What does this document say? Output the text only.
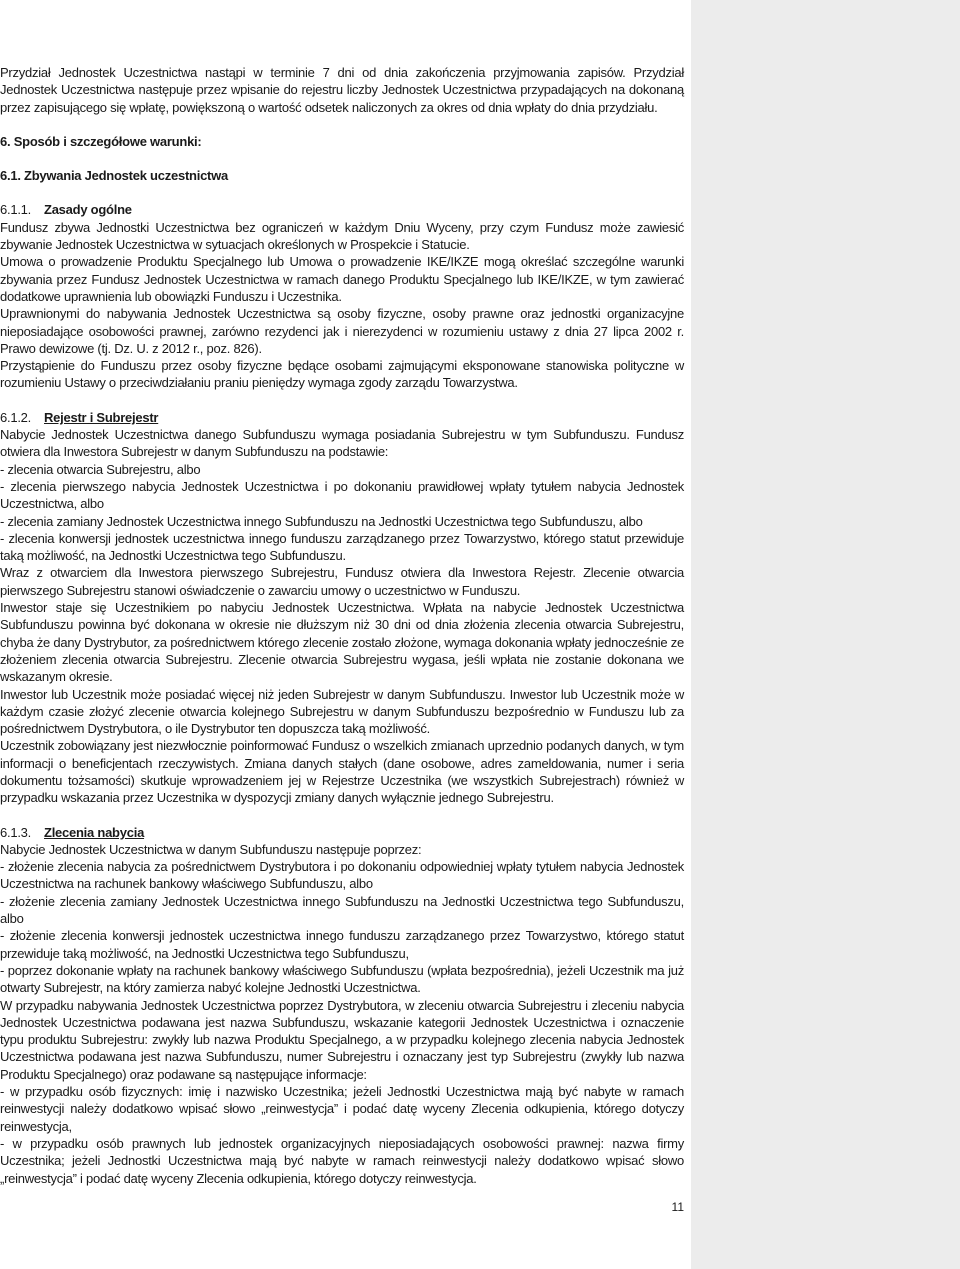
Przydział Jednostek Uczestnictwa nastąpi w terminie 7 dni od dnia zakończenia przyjmowania zapisów. Przydział Jednostek Uczestnictwa następuje przez wpisanie do rejestru liczby Jednostek Uczestnictwa przypadających na dokonaną przez zapisującego się wpłatę, powiększoną o wartość odsetek naliczonych za okres od dnia wpłaty do dnia przydziału.

6. Sposób i szczegółowe warunki:

6.1. Zbywania Jednostek uczestnictwa

6.1.1. Zasady ogólne

Fundusz zbywa Jednostki Uczestnictwa bez ograniczeń w każdym Dniu Wyceny, przy czym Fundusz może zawiesić zbywanie Jednostek Uczestnictwa w sytuacjach określonych w Prospekcie i Statucie.

Umowa o prowadzenie Produktu Specjalnego lub Umowa o prowadzenie IKE/IKZE mogą określać szczególne warunki zbywania przez Fundusz Jednostek Uczestnictwa w ramach danego Produktu Specjalnego lub IKE/IKZE, w tym zawierać dodatkowe uprawnienia lub obowiązki Funduszu i Uczestnika.

Uprawnionymi do nabywania Jednostek Uczestnictwa są osoby fizyczne, osoby prawne oraz jednostki organizacyjne nieposiadające osobowości prawnej, zarówno rezydenci jak i nierezydenci w rozumieniu ustawy z dnia 27 lipca 2002 r. Prawo dewizowe (tj. Dz. U. z 2012 r., poz. 826).

Przystąpienie do Funduszu przez osoby fizyczne będące osobami zajmującymi eksponowane stanowiska polityczne w rozumieniu Ustawy o przeciwdziałaniu praniu pieniędzy wymaga zgody zarządu Towarzystwa.

6.1.2. Rejestr i Subrejestr

Nabycie Jednostek Uczestnictwa danego Subfunduszu wymaga posiadania Subrejestru w tym Subfunduszu. Fundusz otwiera dla Inwestora Subrejestr w danym Subfunduszu na podstawie:

- zlecenia otwarcia Subrejestru, albo

- zlecenia pierwszego nabycia Jednostek Uczestnictwa i po dokonaniu prawidłowej wpłaty tytułem nabycia Jednostek Uczestnictwa, albo

- zlecenia zamiany Jednostek Uczestnictwa innego Subfunduszu na Jednostki Uczestnictwa tego Subfunduszu, albo

- zlecenia konwersji jednostek uczestnictwa innego funduszu zarządzanego przez Towarzystwo, którego statut przewiduje taką możliwość, na Jednostki Uczestnictwa tego Subfunduszu.

Wraz z otwarciem dla Inwestora pierwszego Subrejestru, Fundusz otwiera dla Inwestora Rejestr. Zlecenie otwarcia pierwszego Subrejestru stanowi oświadczenie o zawarciu umowy o uczestnictwo w Funduszu.

Inwestor staje się Uczestnikiem po nabyciu Jednostek Uczestnictwa. Wpłata na nabycie Jednostek Uczestnictwa Subfunduszu powinna być dokonana w okresie nie dłuższym niż 30 dni od dnia złożenia zlecenia otwarcia Subrejestru, chyba że dany Dystrybutor, za pośrednictwem którego zlecenie zostało złożone, wymaga dokonania wpłaty jednocześnie ze złożeniem zlecenia otwarcia Subrejestru. Zlecenie otwarcia Subrejestru wygasa, jeśli wpłata nie zostanie dokonana we wskazanym okresie.

Inwestor lub Uczestnik może posiadać więcej niż jeden Subrejestr w danym Subfunduszu. Inwestor lub Uczestnik może w każdym czasie złożyć zlecenie otwarcia kolejnego Subrejestru w danym Subfunduszu bezpośrednio w Funduszu lub za pośrednictwem Dystrybutora, o ile Dystrybutor ten dopuszcza taką możliwość.

Uczestnik zobowiązany jest niezwłocznie poinformować Fundusz o wszelkich zmianach uprzednio podanych danych, w tym informacji o beneficjentach rzeczywistych. Zmiana danych stałych (dane osobowe, adres zameldowania, numer i seria dokumentu tożsamości) skutkuje wprowadzeniem jej w Rejestrze Uczestnika (we wszystkich Subrejestrach) również w przypadku wskazania przez Uczestnika w dyspozycji zmiany danych wyłącznie jednego Subrejestru.

6.1.3. Zlecenia nabycia

Nabycie Jednostek Uczestnictwa w danym Subfunduszu następuje poprzez:

- złożenie zlecenia nabycia za pośrednictwem Dystrybutora i po dokonaniu odpowiedniej wpłaty tytułem nabycia Jednostek Uczestnictwa na rachunek bankowy właściwego Subfunduszu, albo

- złożenie zlecenia zamiany Jednostek Uczestnictwa innego Subfunduszu na Jednostki Uczestnictwa tego Subfunduszu, albo

- złożenie zlecenia konwersji jednostek uczestnictwa innego funduszu zarządzanego przez Towarzystwo, którego statut przewiduje taką możliwość, na Jednostki Uczestnictwa tego Subfunduszu,

- poprzez dokonanie wpłaty na rachunek bankowy właściwego Subfunduszu (wpłata bezpośrednia), jeżeli Uczestnik ma już otwarty Subrejestr, na który zamierza nabyć kolejne Jednostki Uczestnictwa.

W przypadku nabywania Jednostek Uczestnictwa poprzez Dystrybutora, w zleceniu otwarcia Subrejestru i zleceniu nabycia Jednostek Uczestnictwa podawana jest nazwa Subfunduszu, wskazanie kategorii Jednostek Uczestnictwa i oznaczenie typu produktu Subrejestru: zwykły lub nazwa Produktu Specjalnego, a w przypadku kolejnego zlecenia nabycia Jednostek Uczestnictwa podawana jest nazwa Subfunduszu, numer Subrejestru i oznaczany jest typ Subrejestru (zwykły lub nazwa Produktu Specjalnego) oraz podawane są następujące informacje:

- w przypadku osób fizycznych: imię i nazwisko Uczestnika; jeżeli Jednostki Uczestnictwa mają być nabyte w ramach reinwestycji należy dodatkowo wpisać słowo „reinwestycja” i podać datę wyceny Zlecenia odkupienia, którego dotyczy reinwestycja,

- w przypadku osób prawnych lub jednostek organizacyjnych nieposiadających osobowości prawnej: nazwa firmy Uczestnika; jeżeli Jednostki Uczestnictwa mają być nabyte w ramach reinwestycji należy dodatkowo wpisać słowo „reinwestycja” i podać datę wyceny Zlecenia odkupienia, którego dotyczy reinwestycja.

11
